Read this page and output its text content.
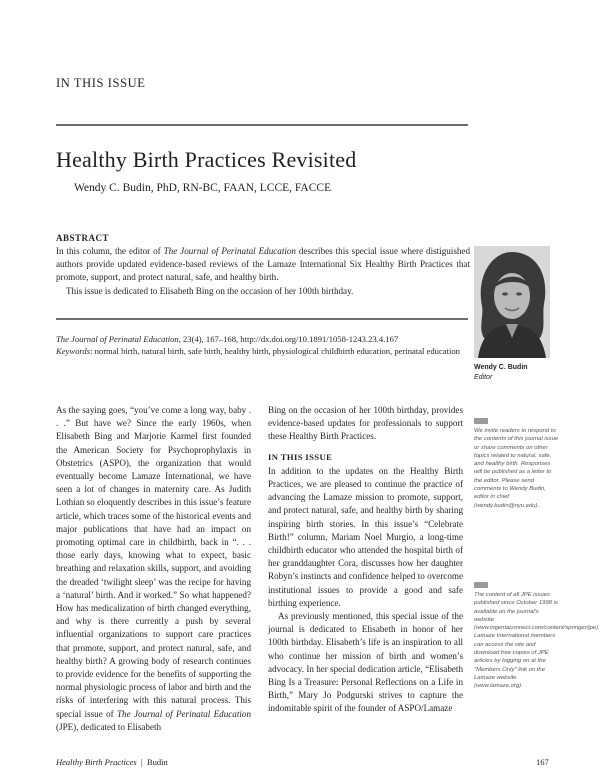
IN THIS ISSUE
Healthy Birth Practices Revisited
Wendy C. Budin, PhD, RN-BC, FAAN, LCCE, FACCE
ABSTRACT

In this column, the editor of The Journal of Perinatal Education describes this special issue where distiguished authors provide updated evidence-based reviews of the Lamaze International Six Healthy Birth Practices that promote, support, and protect natural, safe, and healthy birth.

This issue is dedicated to Elisabeth Bing on the occasion of her 100th birthday.

The Journal of Perinatal Education, 23(4), 167–168, http://dx.doi.org/10.1891/1058-1243.23.4.167

Keywords: normal birth, natural birth, safe birth, healthy birth, physiological childbirth education, perinatal education

Wendy C. Budin
Editor

As the saying goes, “you’ve come a long way, baby . . .” But have we? Since the early 1960s, when Elisabeth Bing and Marjorie Karmel first founded the American Society for Psychoprophylaxis in Obstetrics (ASPO), the organization that would eventually become Lamaze International, we have seen a lot of changes in maternity care. As Judith Lothian so eloquently describes in this issue’s feature article, which traces some of the historical events and major publications that have had an impact on promoting optimal care in childbirth, back in “. . . those early days, knowing what to expect, basic breathing and relaxation skills, support, and avoiding the dreaded ‘twilight sleep’ was the recipe for having a ‘natural’ birth. And it worked.” So what happened? How has medicalization of birth changed everything, and why is there currently a push by several influential organizations to support care practices that promote, support, and protect natural, safe, and healthy birth? A growing body of research continues to provide evidence for the benefits of supporting the normal physiologic process of labor and birth and the risks of interfering with this natural process. This special issue of The Journal of Perinatal Education (JPE), dedicated to Elisabeth

Bing on the occasion of her 100th birthday, provides evidence-based updates for professionals to support these Healthy Birth Practices.

IN THIS ISSUE

In addition to the updates on the Healthy Birth Practices, we are pleased to continue the practice of advancing the Lamaze mission to promote, support, and protect natural, safe, and healthy birth by sharing inspiring birth stories. In this issue’s “Celebrate Birth!” column, Mariam Noel Murgio, a long-time childbirth educator who attended the hospital birth of her granddaughter Cora, discusses how her daughter Robyn’s instincts and confidence helped to overcome institutional issues to provide a good and safe birthing experience.

As previously mentioned, this special issue of the journal is dedicated to Elisabeth in honor of her 100th birthday. Elisabeth’s life is an inspiration to all who continue her mission of birth and women’s advocacy. In her special dedication article, “Elisabeth Bing Is a Treasure: Personal Reflections on a Life in Birth,” Mary Jo Podgurski strives to capture the indomitable spirit of the founder of ASPO/Lamaze

We invite readers to respond to the contents of this journal issue or share comments on other topics related to natural, safe, and healthy birth. Responses will be published as a letter to the editor. Please send comments to Wendy Budin, editor in chief (wendy.budin@nyu.edu).
The content of all JPE issues published since October 1998 is available on the journal's website (www.ingentaconnect.com/content/springer/jpe). Lamaze International members can access the site and download free copies of JPE articles by logging on at the "Members Only" link on the Lamaze website (www.lamaze.org).
Healthy Birth Practices | Budin	167
